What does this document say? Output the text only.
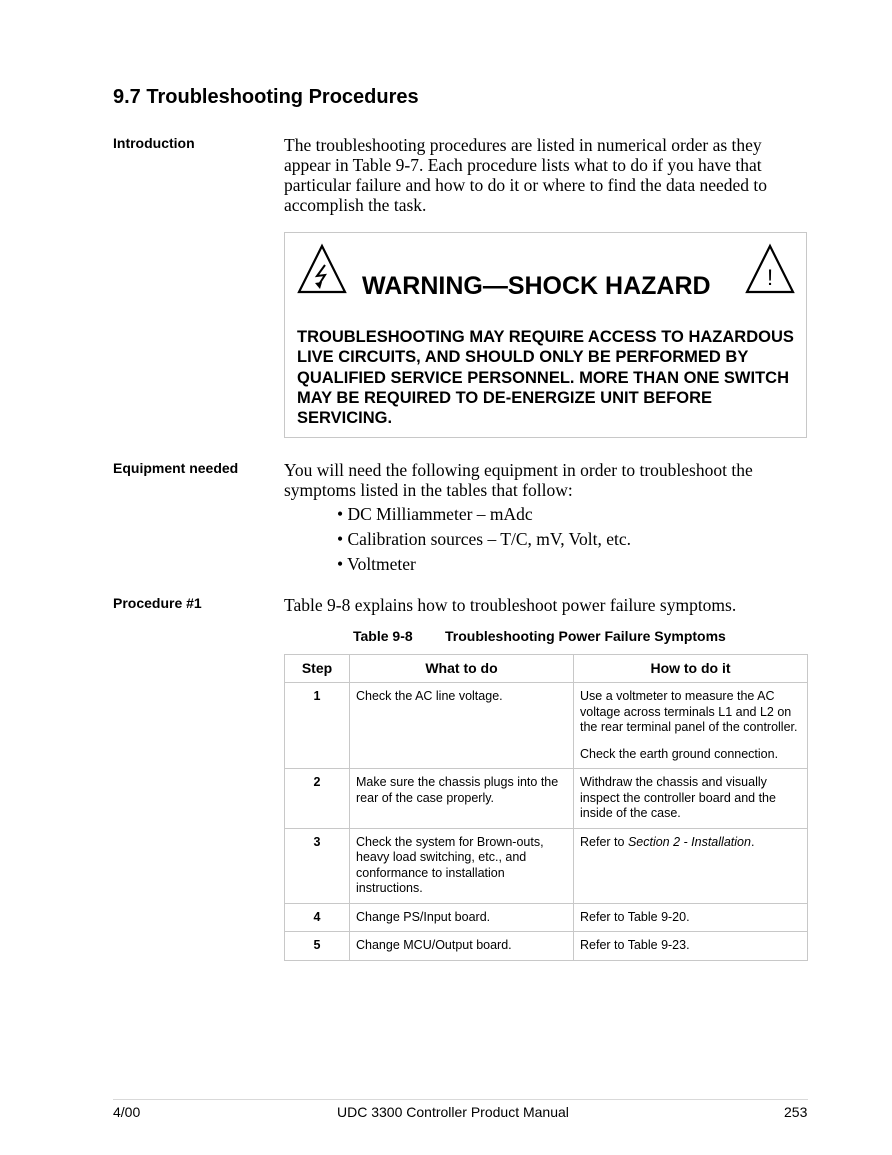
9.7 Troubleshooting Procedures
Introduction	The troubleshooting procedures are listed in numerical order as they appear in Table 9-7. Each procedure lists what to do if you have that particular failure and how to do it or where to find the data needed to accomplish the task.

WARNING—SHOCK HAZARD	!

TROUBLESHOOTING MAY REQUIRE ACCESS TO HAZARDOUS LIVE CIRCUITS, AND SHOULD ONLY BE PERFORMED BY QUALIFIED SERVICE PERSONNEL. MORE THAN ONE SWITCH MAY BE REQUIRED TO DE-ENERGIZE UNIT BEFORE SERVICING.

Equipment needed	You will need the following equipment in order to troubleshoot the symptoms listed in the tables that follow:

• DC Milliammeter – mAdc
• Calibration sources – T/C, mV, Volt, etc.
• Voltmeter
Procedure #1	Table 9-8 explains how to troubleshoot power failure symptoms.

Table 9-8 Troubleshooting Power Failure Symptoms
Step	What to do	How to do it
1	Check the AC line voltage.	Use a voltmeter to measure the AC voltage across terminals L1 and L2 on the rear terminal panel of the controller.

Check the earth ground connection.

2	Make sure the chassis plugs into the rear of the case properly.	Withdraw the chassis and visually inspect the controller board and the inside of the case.
3	Check the system for Brown-outs, heavy load switching, etc., and conformance to installation instructions.	Refer to Section 2 - Installation.
4	Change PS/Input board.	Refer to Table 9-20.
5	Change MCU/Output board.	Refer to Table 9-23.
4/00	UDC 3300 Controller Product Manual	253
